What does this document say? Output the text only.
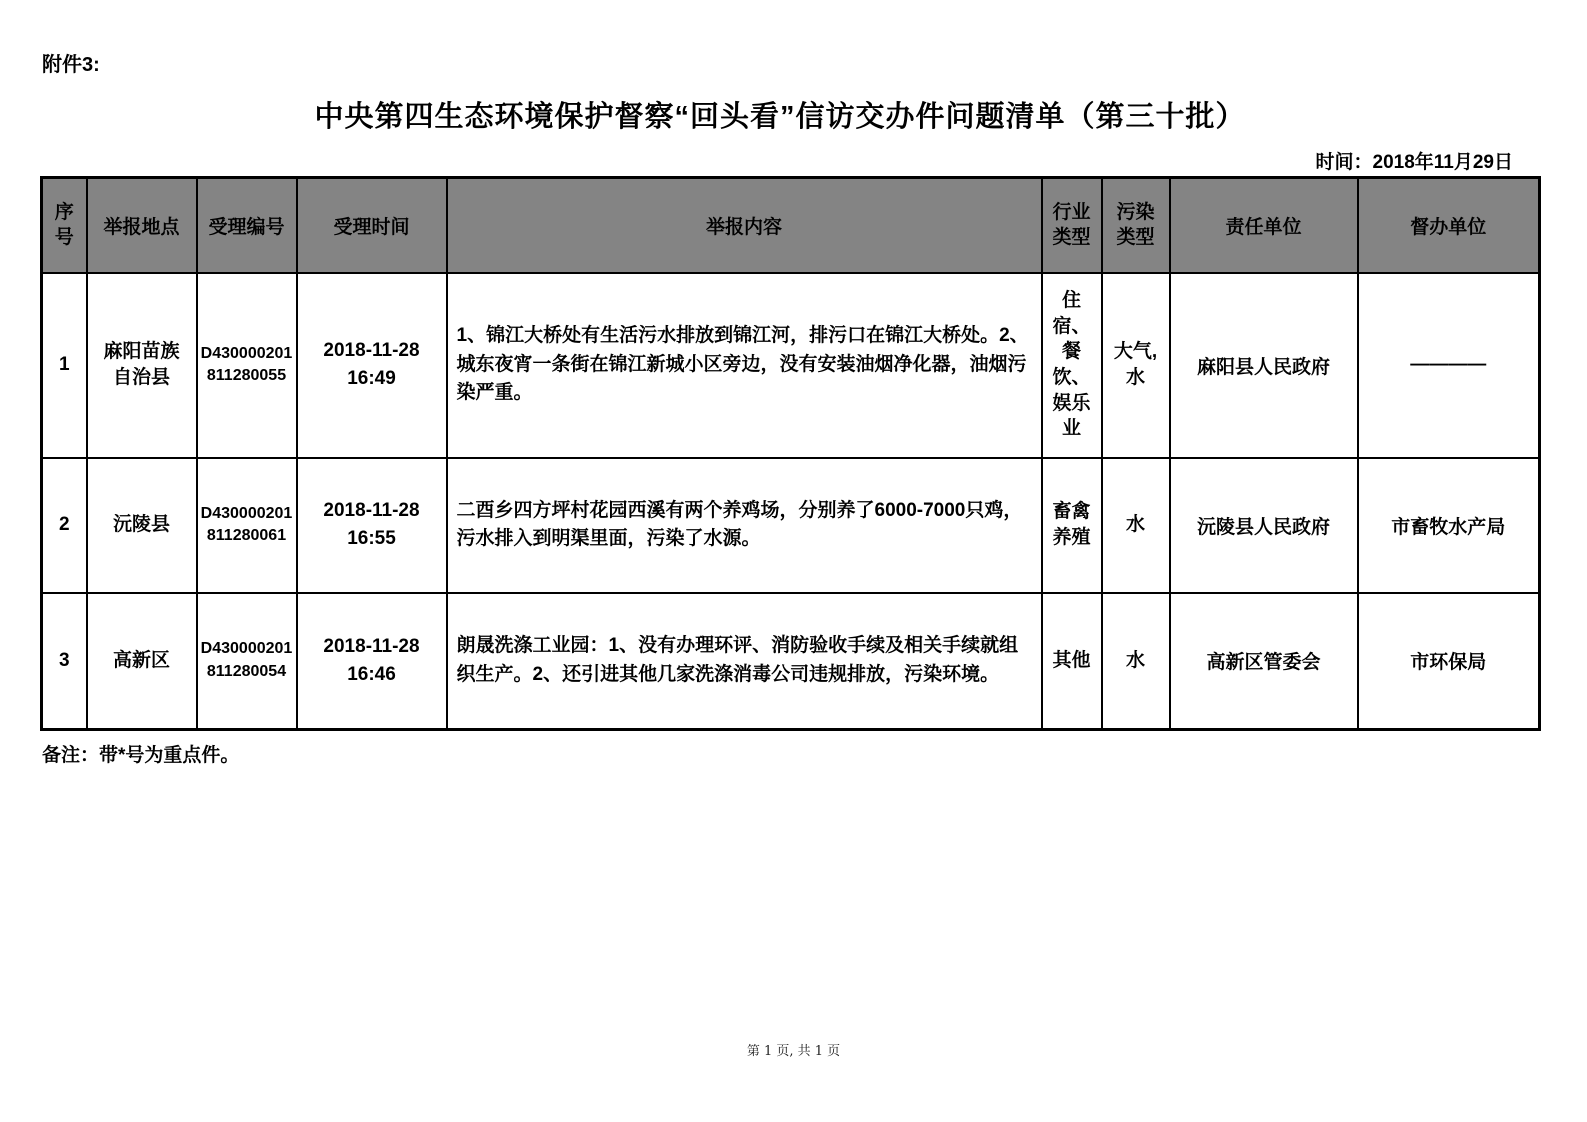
附件3:
中央第四生态环境保护督察“回头看”信访交办件问题清单（第三十批）
时间：2018年11月29日
序号	举报地点	受理编号	受理时间	举报内容	行业类型	污染类型	责任单位	督办单位
1	麻阳苗族自治县	D430000201811280055	2018-11-28 16:49	1、锦江大桥处有生活污水排放到锦江河，排污口在锦江大桥处。2、城东夜宵一条街在锦江新城小区旁边，没有安装油烟净化器，油烟污染严重。	住宿、餐饮、娱乐业	大气,水	麻阳县人民政府	————
2	沅陵县	D430000201811280061	2018-11-28 16:55	二酉乡四方坪村花园西溪有两个养鸡场，分别养了6000-7000只鸡，污水排入到明渠里面，污染了水源。	畜禽养殖	水	沅陵县人民政府	市畜牧水产局
3	高新区	D430000201811280054	2018-11-28 16:46	朗晟洗涤工业园：1、没有办理环评、消防验收手续及相关手续就组织生产。2、还引进其他几家洗涤消毒公司违规排放，污染环境。	其他	水	高新区管委会	市环保局
备注：带*号为重点件。
第 1 页, 共 1 页
